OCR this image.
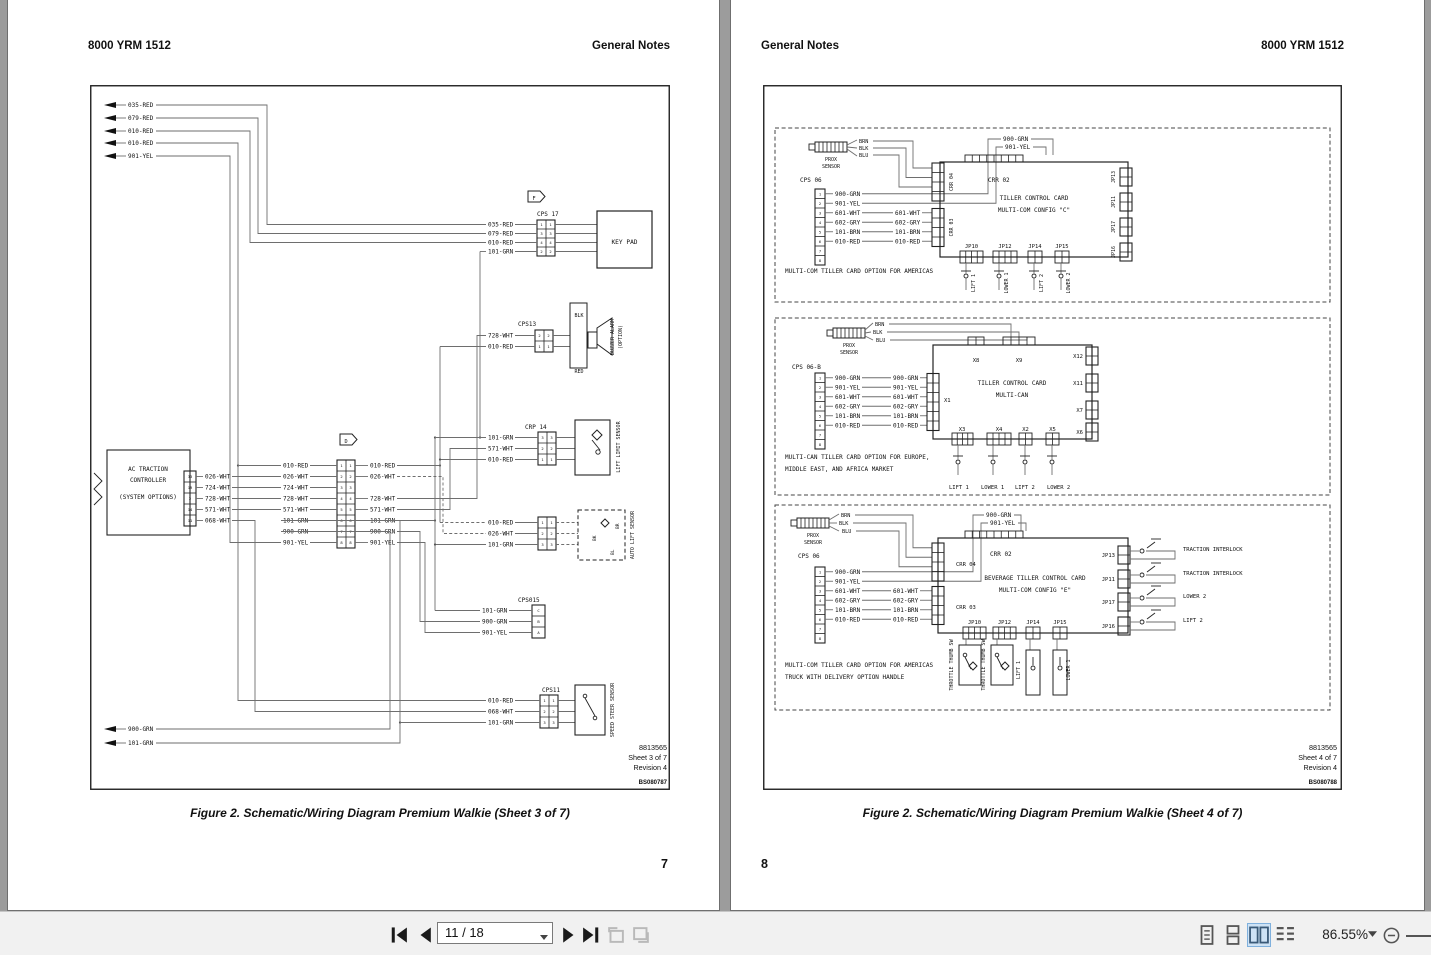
8000 YRM 1512	General Notes
035-RED
079-RED
010-RED
010-RED
901-YEL
F
CPS 17
1 1
3 3
4 4
2 2
035-RED
079-RED
010-RED
101-GRN
KEY PAD
CPS13
2 2
1 1
728-WHT
010-RED
BLK
RED
BUZZER ALARM (OPTION)
AC TRACTION
CONTROLLER
(SYSTEM OPTIONS)
33
19
2
14
11
026-WHT
724-WHT
728-WHT
571-WHT
068-WHT
D
1 1
2 2
3 3
4 4
5 5
6 6
7 7
8 8
010-RED	010-RED
026-WHT	026-WHT
724-WHT
728-WHT	728-WHT
571-WHT	571-WHT
101-GRN	101-GRN
900-GRN	900-GRN
901-YEL	901-YEL
900-GRN
101-GRN
CRP 14
3 3
2 2
1 1
101-GRN
571-WHT
010-RED	LIFT LIMIT SENSOR
1 1
2 2
3 3
010-RED
026-WHT
101-GRN
BR
BK
BL	AUTO LIFT SENSOR
CPS015
C
B
A
101-GRN
900-GRN
901-YEL
CPS11
1 1
2 2
3 3
010-RED
068-WHT
101-GRN	SPEED STEER SENSOR
8813565
Sheet 3 of 7
Revision 4
BS080787
Figure 2. Schematic/Wiring Diagram Premium Walkie (Sheet 3 of 7)
7
General Notes	8000 YRM 1512
PROX
SENSOR
BRN
BLK
BLU
CPS 06
1
2
3
4
5
6
7
8
900-GRN
901-YEL
601-WHT
602-GRY
101-BRN
010-RED
900-GRN
901-YEL
601-WHT
602-GRY
101-BRN
010-RED
CRR 02
TILLER CONTROL CARD
MULTI-COM CONFIG "C"
CRR 04
CRR 03
JP13
JP11
JP17
JP16
JP10	JP12	JP14	JP15
LIFT 1	LOWER 1	LIFT 2	LOWER 2
MULTI-COM TILLER CARD OPTION FOR AMERICAS
PROX
SENSOR
BRN
BLK
BLU
CPS 06-B
1
2
3
4
5
6
7
8
900-GRN	900-GRN
901-YEL	901-YEL
601-WHT	601-WHT
602-GRY	602-GRY
101-BRN	101-BRN
010-RED	010-RED
X1
TILLER CONTROL CARD
MULTI-CAN
X8	X9
X12
X11
X7
X6
X3	X4	X2	X5
LIFT 1 LOWER 1 LIFT 2 LOWER 2
MULTI-CAN TILLER CARD OPTION FOR EUROPE,
MIDDLE EAST, AND AFRICA MARKET
PROX
SENSOR
BRN
BLK
BLU
CPS 06
1
2
3
4
5
6
7
8
900-GRN
901-YEL
601-WHT
602-GRY
101-BRN
010-RED
900-GRN
901-YEL
601-WHT
602-GRY
101-BRN
010-RED
CRR 02
CRR 04
CRR 03
BEVERAGE TILLER CONTROL CARD
MULTI-COM CONFIG "E"
JP13
TRACTION INTERLOCK
JP11
TRACTION INTERLOCK
JP17
LOWER 2
JP16
LIFT 2
JP10	JP12	JP14	JP15
THROTTLE THUMB SW	THROTTLE THUMB SW	LIFT 1	LOWER 1
MULTI-COM TILLER CARD OPTION FOR AMERICAS
TRUCK WITH DELIVERY OPTION HANDLE
8813565
Sheet 4 of 7
Revision 4
BS080788
Figure 2. Schematic/Wiring Diagram Premium Walkie (Sheet 4 of 7)
8
11 / 18	86.55%
